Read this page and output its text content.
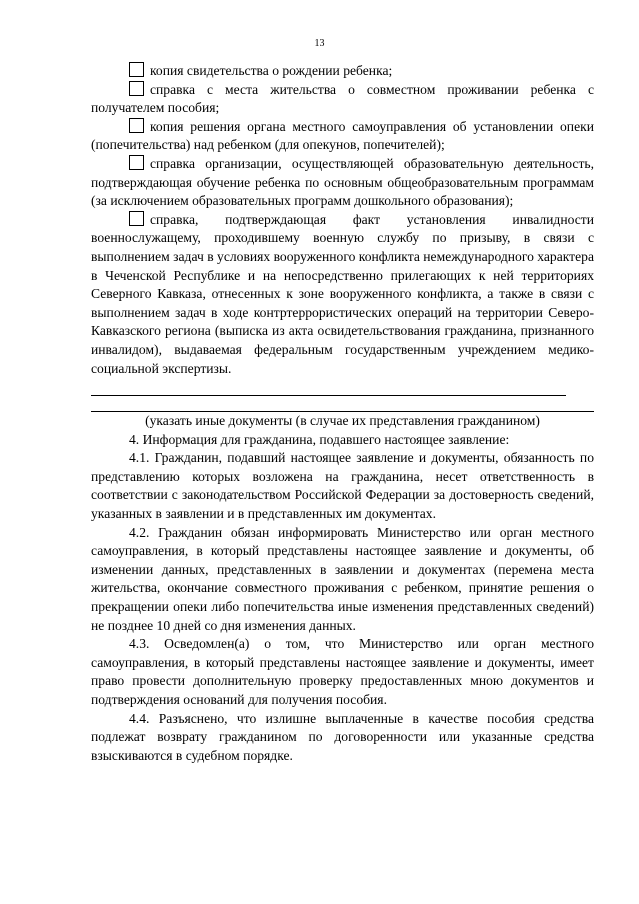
13

копия свидетельства о рождении ребенка;

справка с места жительства о совместном проживании ребенка с получателем пособия;

копия решения органа местного самоуправления об установлении опеки (попечительства) над ребенком (для опекунов, попечителей);

справка организации, осуществляющей образовательную деятельность, подтверждающая обучение ребенка по основным общеобразовательным программам (за исключением образовательных программ дошкольного образования);

справка, подтверждающая факт установления инвалидности военнослужащему, проходившему военную службу по призыву, в связи с выполнением задач в условиях вооруженного конфликта немеждународного характера в Чеченской Республике и на непосредственно прилегающих к ней территориях Северного Кавказа, отнесенных к зоне вооруженного конфликта, а также в связи с выполнением задач в ходе контртеррористических операций на территории Северо-Кавказского региона (выписка из акта освидетельствования гражданина, признанного инвалидом), выдаваемая федеральным государственным учреждением медико-социальной экспертизы.

(указать иные документы (в случае их представления гражданином)

4. Информация для гражданина, подавшего настоящее заявление:

4.1. Гражданин, подавший настоящее заявление и документы, обязанность по представлению которых возложена на гражданина, несет ответственность в соответствии с законодательством Российской Федерации за достоверность сведений, указанных в заявлении и в представленных им документах.

4.2. Гражданин обязан информировать Министерство или орган местного самоуправления, в который представлены настоящее заявление и документы, об изменении данных, представленных в заявлении и документах (перемена места жительства, окончание совместного проживания с ребенком, принятие решения о прекращении опеки либо попечительства иные изменения представленных сведений) не позднее 10 дней со дня изменения данных.

4.3. Осведомлен(а) о том, что Министерство или орган местного самоуправления, в который представлены настоящее заявление и документы, имеет право провести дополнительную проверку предоставленных мною документов и подтверждения оснований для получения пособия.

4.4. Разъяснено, что излишне выплаченные в качестве пособия средства подлежат возврату гражданином по договоренности или указанные средства взыскиваются в судебном порядке.
